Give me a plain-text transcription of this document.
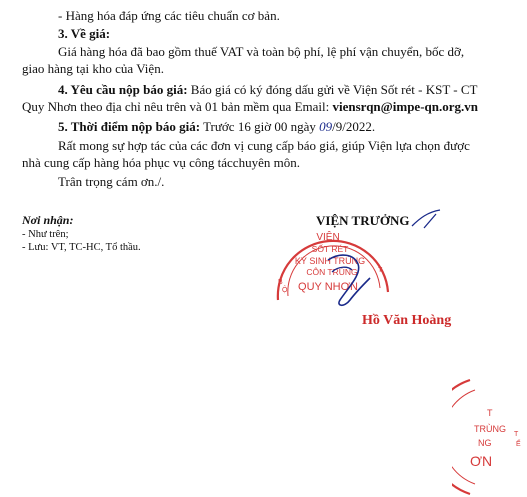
- Hàng hóa đáp ứng các tiêu chuẩn cơ bản.
3. Về giá:
Giá hàng hóa đã bao gồm thuế VAT và toàn bộ phí, lệ phí vận chuyển, bốc dỡ,
giao hàng tại kho của Viện.
4. Yêu cầu nộp báo giá: Báo giá có ký đóng dấu gửi về Viện Sốt rét - KST - CT
Quy Nhơn theo địa chỉ nêu trên và 01 bản mềm qua Email: viensrqn@impe-qn.org.vn
5. Thời điểm nộp báo giá: Trước 16 giờ 00 ngày 09/9/2022.
Rất mong sự hợp tác của các đơn vị cung cấp báo giá, giúp Viện lựa chọn được
nhà cung cấp hàng hóa phục vụ công tácchuyên môn.
Trân trọng cám ơn./.
Nơi nhận:
- Như trên;
- Lưu: VT, TC-HC, Tổ thầu.
VIỆN TRƯỞNG
VIỆN
SỐT RÉT
KÝ SINH TRÙNG
CÔN TRÙNG
QUY NHƠN
B
Ộ
T
Hồ Văn Hoàng
T
TRÙNG
NG
ƠN
T
Ế
